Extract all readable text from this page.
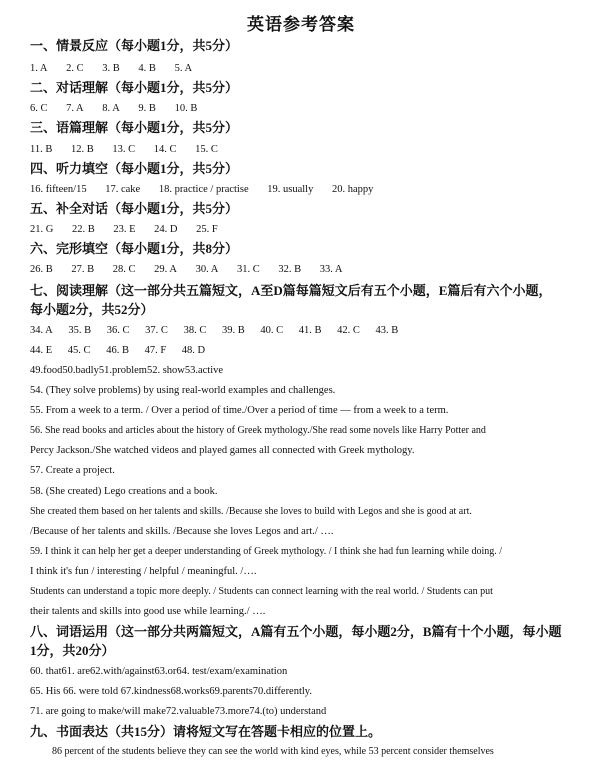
英语参考答案
一、情景反应（每小题1分，共5分）
1. A 2. C 3. B 4. B 5. A
二、对话理解（每小题1分，共5分）
6. C 7. A 8. A 9. B 10. B
三、语篇理解（每小题1分，共5分）
11. B 12. B 13. C 14. C 15. C
四、听力填空（每小题1分，共5分）
16. fifteen/15 17. cake 18. practice / practise 19. usually 20. happy
五、补全对话（每小题1分，共5分）
21. G 22. B 23. E 24. D 25. F
六、完形填空（每小题1分，共8分）
26. B 27. B 28. C 29. A 30. A 31. C 32. B 33. A
七、阅读理解（这一部分共五篇短文，A至D篇每篇短文后有五个小题，E篇后有六个小题，
每小题2分，共52分）
34. A 35. B 36. C 37. C 38. C 39. B 40. C 41. B 42. C 43. B
44. E 45. C 46. B 47. F 48. D
49.food50.badly51.problem52. show53.active
54. (They solve problems) by using real-world examples and challenges.
55. From a week to a term. / Over a period of time./Over a period of time — from a week to a term.
56. She read books and articles about the history of Greek mythology./She read some novels like Harry Potter and
Percy Jackson./She watched videos and played games all connected with Greek mythology.
57. Create a project.
58. (She created) Lego creations and a book.
She created them based on her talents and skills. /Because she loves to build with Legos and she is good at art.
/Because of her talents and skills. /Because she loves Legos and art./ ….
59. I think it can help her get a deeper understanding of Greek mythology. / I think she had fun learning while doing. /
I think it's fun / interesting / helpful / meaningful. /….
Students can understand a topic more deeply. / Students can connect learning with the real world. / Students can put
their talents and skills into good use while learning./ ….
八、词语运用（这一部分共两篇短文，A篇有五个小题，每小题2分，B篇有十个小题，每小题
1分，共20分）
60. that61. are62.with/against63.or64. test/exam/examination
65. His 66. were told 67.kindness68.works69.parents70.differently.
71. are going to make/will make72.valuable73.more74.(to) understand
九、书面表达（共15分）请将短文写在答题卡相应的位置上。
86 percent of the students believe they can see the world with kind eyes, while 53 percent consider themselves
